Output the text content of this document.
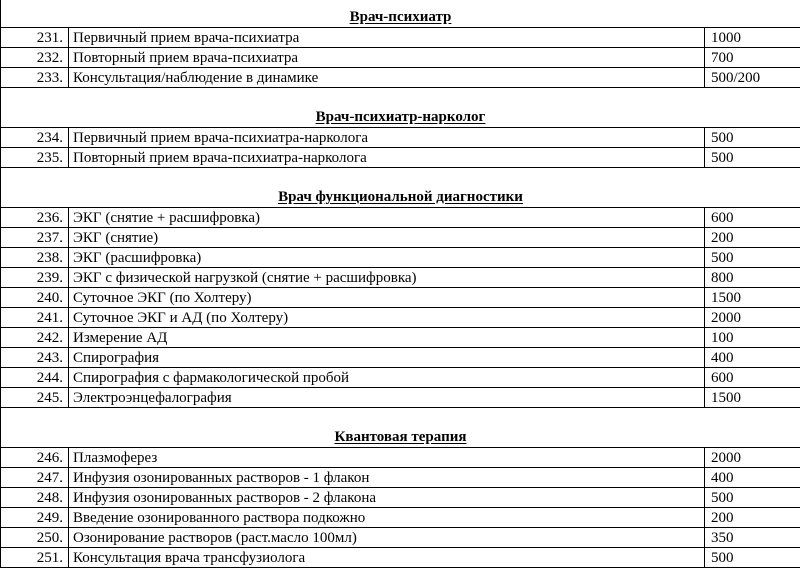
Врач-психиатр		
231.	Первичный прием врача-психиатра	1000
232.	Повторный прием врача-психиатра	700
233.	Консультация/наблюдение в динамике	500/200
Врач-психиатр-нарколог		
234.	Первичный прием врача-психиатра-нарколога	500
235.	Повторный прием врача-психиатра-нарколога	500
Врач функциональной диагностики		
236.	ЭКГ (снятие + расшифровка)	600
237.	ЭКГ (снятие)	200
238.	ЭКГ (расшифровка)	500
239.	ЭКГ с физической нагрузкой (снятие + расшифровка)	800
240.	Суточное ЭКГ (по Холтеру)	1500
241.	Суточное ЭКГ и АД (по Холтеру)	2000
242.	Измерение АД	100
243.	Спирография	400
244.	Спирография с фармакологической пробой	600
245.	Электроэнцефалография	1500
Квантовая терапия		
246.	Плазмоферез	2000
247.	Инфузия озонированных растворов - 1 флакон	400
248.	Инфузия озонированных растворов - 2 флакона	500
249.	Введение озонированного раствора подкожно	200
250.	Озонирование растворов (раст.масло 100мл)	350
251.	Консультация врача трансфузиолога	500
